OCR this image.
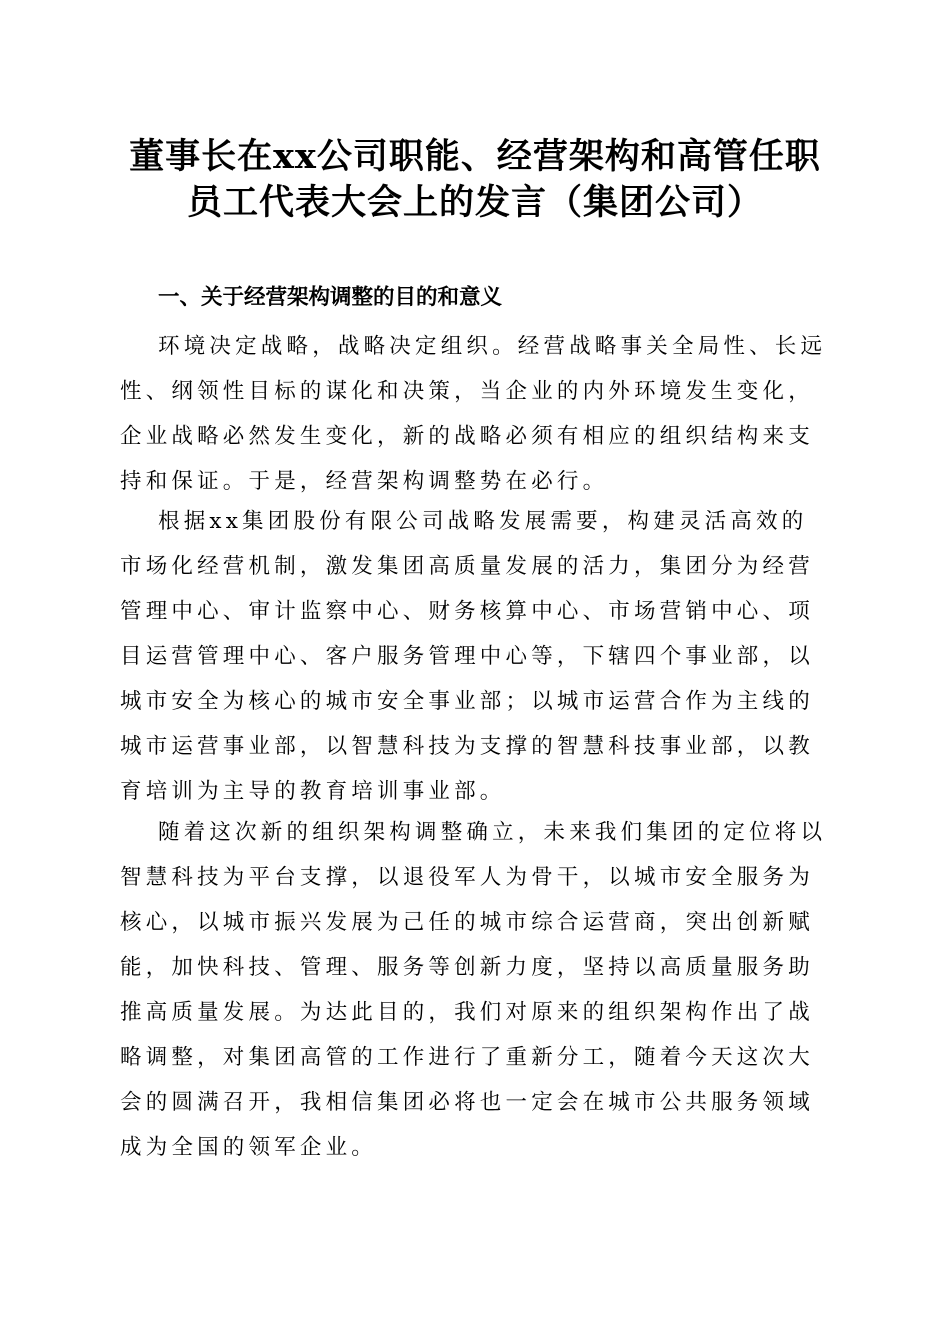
董事长在xx公司职能、经营架构和高管任职
员工代表大会上的发言（集团公司）
一、关于经营架构调整的目的和意义
环境决定战略，战略决定组织。经营战略事关全局性、长远
性、纲领性目标的谋化和决策，当企业的内外环境发生变化，
企业战略必然发生变化，新的战略必须有相应的组织结构来支
持和保证。于是，经营架构调整势在必行。
根据xx集团股份有限公司战略发展需要，构建灵活高效的
市场化经营机制，激发集团高质量发展的活力，集团分为经营
管理中心、审计监察中心、财务核算中心、市场营销中心、项
目运营管理中心、客户服务管理中心等，下辖四个事业部，以
城市安全为核心的城市安全事业部；以城市运营合作为主线的
城市运营事业部，以智慧科技为支撑的智慧科技事业部，以教
育培训为主导的教育培训事业部。
随着这次新的组织架构调整确立，未来我们集团的定位将以
智慧科技为平台支撑，以退役军人为骨干，以城市安全服务为
核心，以城市振兴发展为己任的城市综合运营商，突出创新赋
能，加快科技、管理、服务等创新力度，坚持以高质量服务助
推高质量发展。为达此目的，我们对原来的组织架构作出了战
略调整，对集团高管的工作进行了重新分工，随着今天这次大
会的圆满召开，我相信集团必将也一定会在城市公共服务领域
成为全国的领军企业。
